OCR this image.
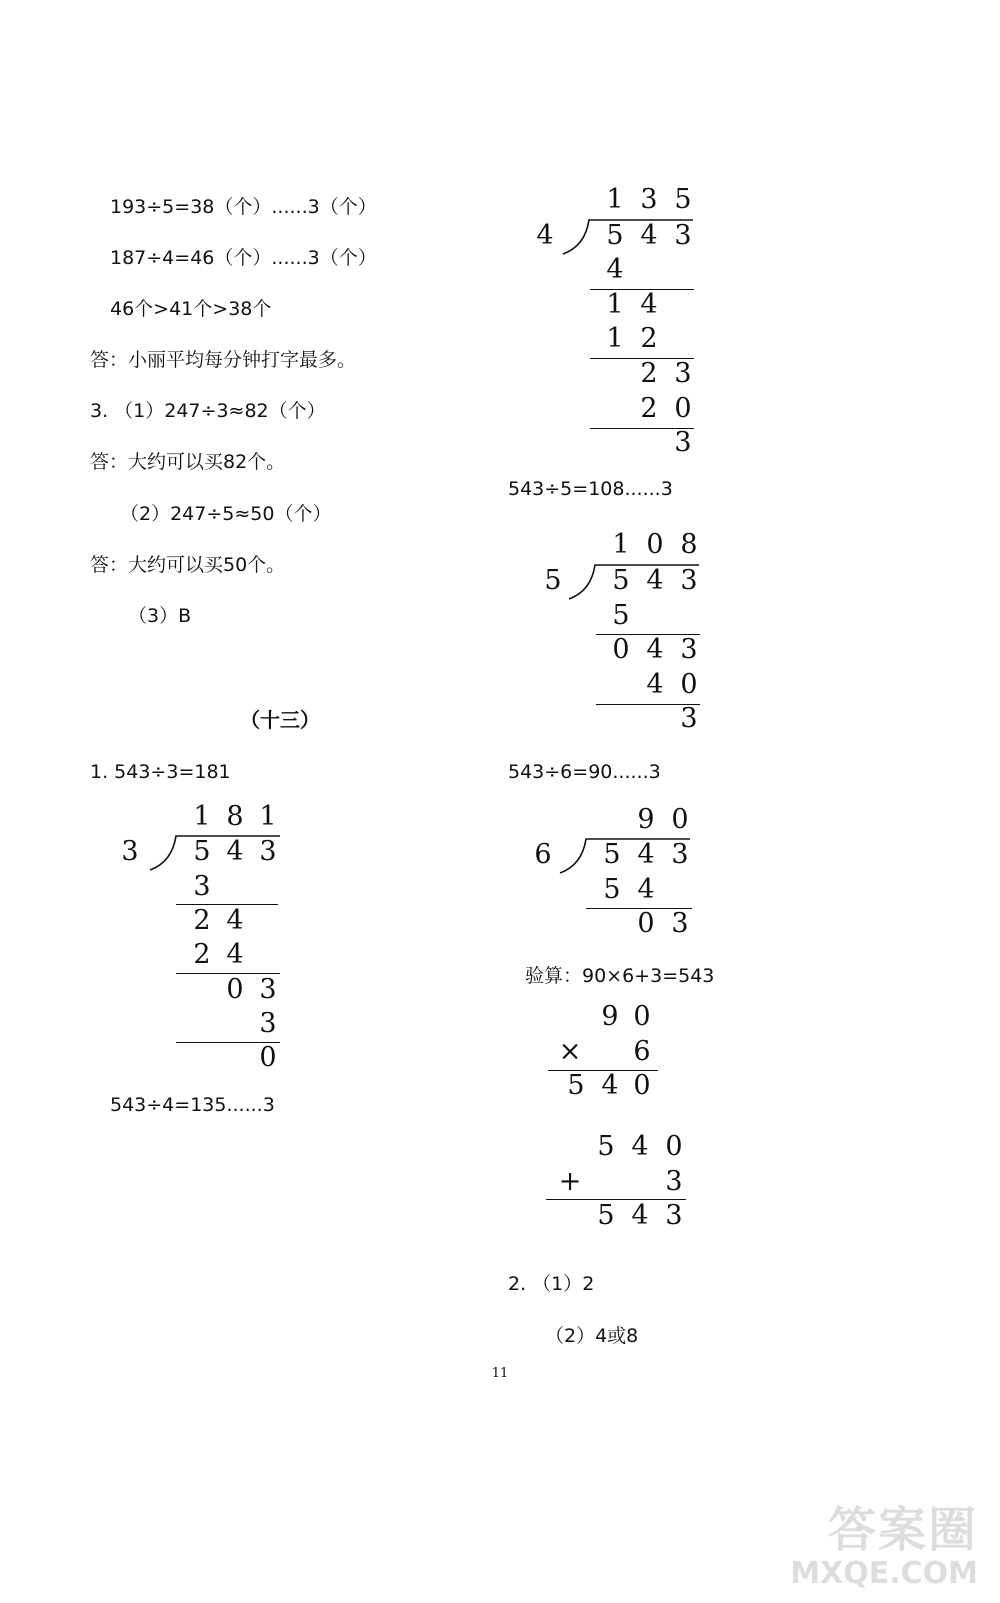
193÷5=38（个）......3（个）
187÷4=46（个）......3（个）
46个>41个>38个
答：小丽平均每分钟打字最多。
3. （1）247÷3≈82（个）
答：大约可以买82个。
（2）247÷5≈50（个）
答：大约可以买50个。
（3）B
（十三）
1. 543÷3=181
1 8 1
3 5 4 3
3
2 4
2 4
0 3
3
0
543÷4=135......3
1 3 5
4 5 4 3
4
1 4
1 2
2 3
2 0
3
543÷5=108......3
1 0 8
5 5 4 3
5
0 4 3
4 0
3
543÷6=90......3
9 0
6 5 4 3
5 4
0 3
验算：90×6+3=543
9 0
× 6
5 4 0
5 4 0
+	3
5 4 3
2. （1）2
（2）4或8
11
答案圈
MXQE.COM
